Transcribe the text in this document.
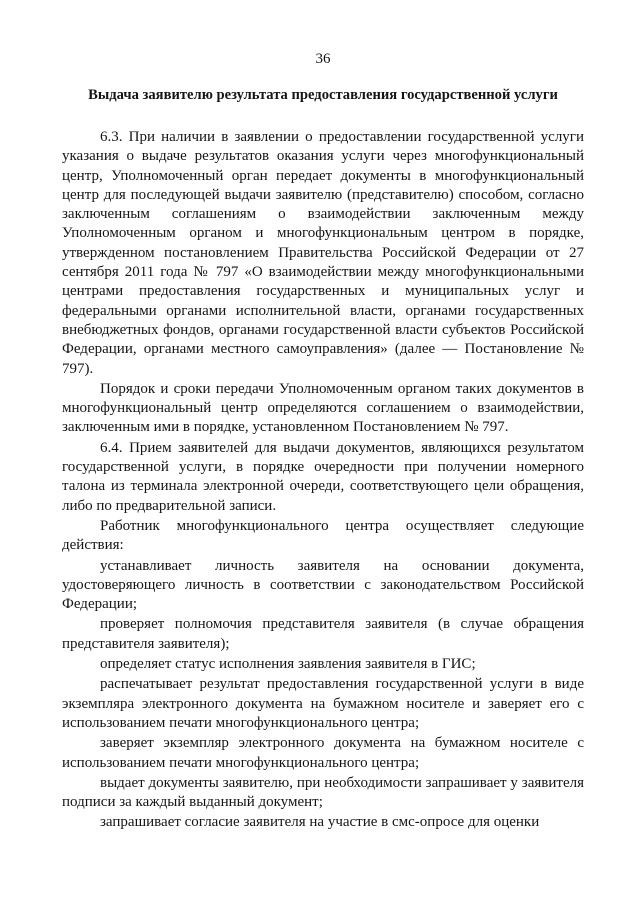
36
Выдача заявителю результата предоставления государственной услуги

6.3. При наличии в заявлении о предоставлении государственной услуги указания о выдаче результатов оказания услуги через многофункциональный центр, Уполномоченный орган передает документы в многофункциональный центр для последующей выдачи заявителю (представителю) способом, согласно заключенным соглашениям о взаимодействии заключенным между Уполномоченным органом и многофункциональным центром в порядке, утвержденном постановлением Правительства Российской Федерации от 27 сентября 2011 года № 797 «О взаимодействии между многофункциональными центрами предоставления государственных и муниципальных услуг и федеральными органами исполнительной власти, органами государственных внебюджетных фондов, органами государственной власти субъектов Российской Федерации, органами местного самоуправления» (далее — Постановление № 797).

Порядок и сроки передачи Уполномоченным органом таких документов в многофункциональный центр определяются соглашением о взаимодействии, заключенным ими в порядке, установленном Постановлением № 797.

6.4. Прием заявителей для выдачи документов, являющихся результатом государственной услуги, в порядке очередности при получении номерного талона из терминала электронной очереди, соответствующего цели обращения, либо по предварительной записи.

Работник многофункционального центра осуществляет следующие действия:

устанавливает личность заявителя на основании документа, удостоверяющего личность в соответствии с законодательством Российской Федерации;

проверяет полномочия представителя заявителя (в случае обращения представителя заявителя);

определяет статус исполнения заявления заявителя в ГИС;

распечатывает результат предоставления государственной услуги в виде экземпляра электронного документа на бумажном носителе и заверяет его с использованием печати многофункционального центра;

заверяет экземпляр электронного документа на бумажном носителе с использованием печати многофункционального центра;

выдает документы заявителю, при необходимости запрашивает у заявителя подписи за каждый выданный документ;

запрашивает согласие заявителя на участие в смс-опросе для оценки
